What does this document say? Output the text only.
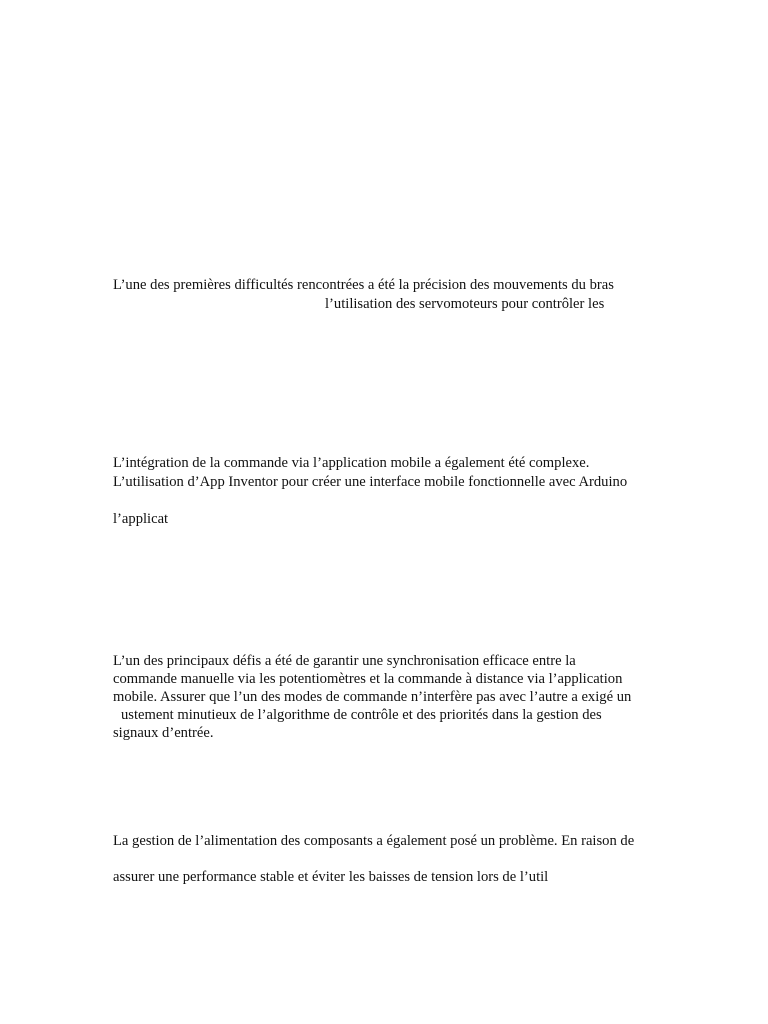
L’une des premières difficultés rencontrées a été la précision des mouvements du bras
l’utilisation des servomoteurs pour contrôler les
L’intégration de la commande via l’application mobile a également été complexe.
L’utilisation d’App Inventor pour créer une interface mobile fonctionnelle avec Arduino
l’applicat
L’un des principaux défis a été de garantir une synchronisation efficace entre la
commande manuelle via les potentiomètres et la commande à distance via l’application
mobile. Assurer que l’un des modes de commande n’interfère pas avec l’autre a exigé un
ustement minutieux de l’algorithme de contrôle et des priorités dans la gestion des
signaux d’entrée.
La gestion de l’alimentation des composants a également posé un problème. En raison de
assurer une performance stable et éviter les baisses de tension lors de l’util
